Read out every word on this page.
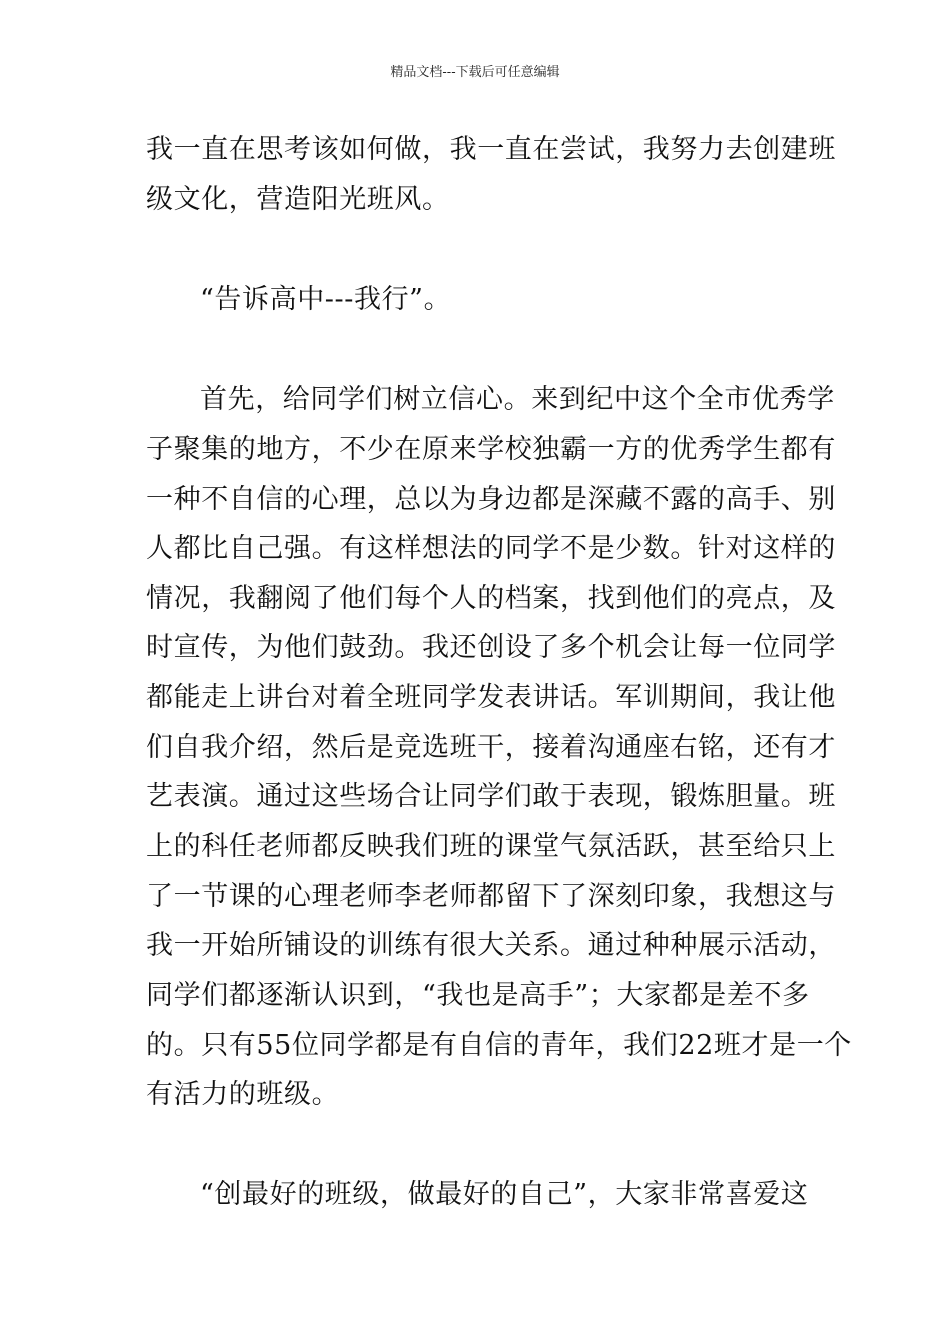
精品文档---下载后可任意编辑
我一直在思考该如何做，我一直在尝试，我努力去创建班
级文化，营造阳光班风。
“告诉高中---我行”。
首先，给同学们树立信心。来到纪中这个全市优秀学
子聚集的地方，不少在原来学校独霸一方的优秀学生都有
一种不自信的心理，总以为身边都是深藏不露的高手、别
人都比自己强。有这样想法的同学不是少数。针对这样的
情况，我翻阅了他们每个人的档案，找到他们的亮点，及
时宣传，为他们鼓劲。我还创设了多个机会让每一位同学
都能走上讲台对着全班同学发表讲话。军训期间，我让他
们自我介绍，然后是竞选班干，接着沟通座右铭，还有才
艺表演。通过这些场合让同学们敢于表现，锻炼胆量。班
上的科任老师都反映我们班的课堂气氛活跃，甚至给只上
了一节课的心理老师李老师都留下了深刻印象，我想这与
我一开始所铺设的训练有很大关系。通过种种展示活动，
同学们都逐渐认识到，“我也是高手”；大家都是差不多
的。只有55位同学都是有自信的青年，我们22班才是一个
有活力的班级。
“创最好的班级，做最好的自己”，大家非常喜爱这
